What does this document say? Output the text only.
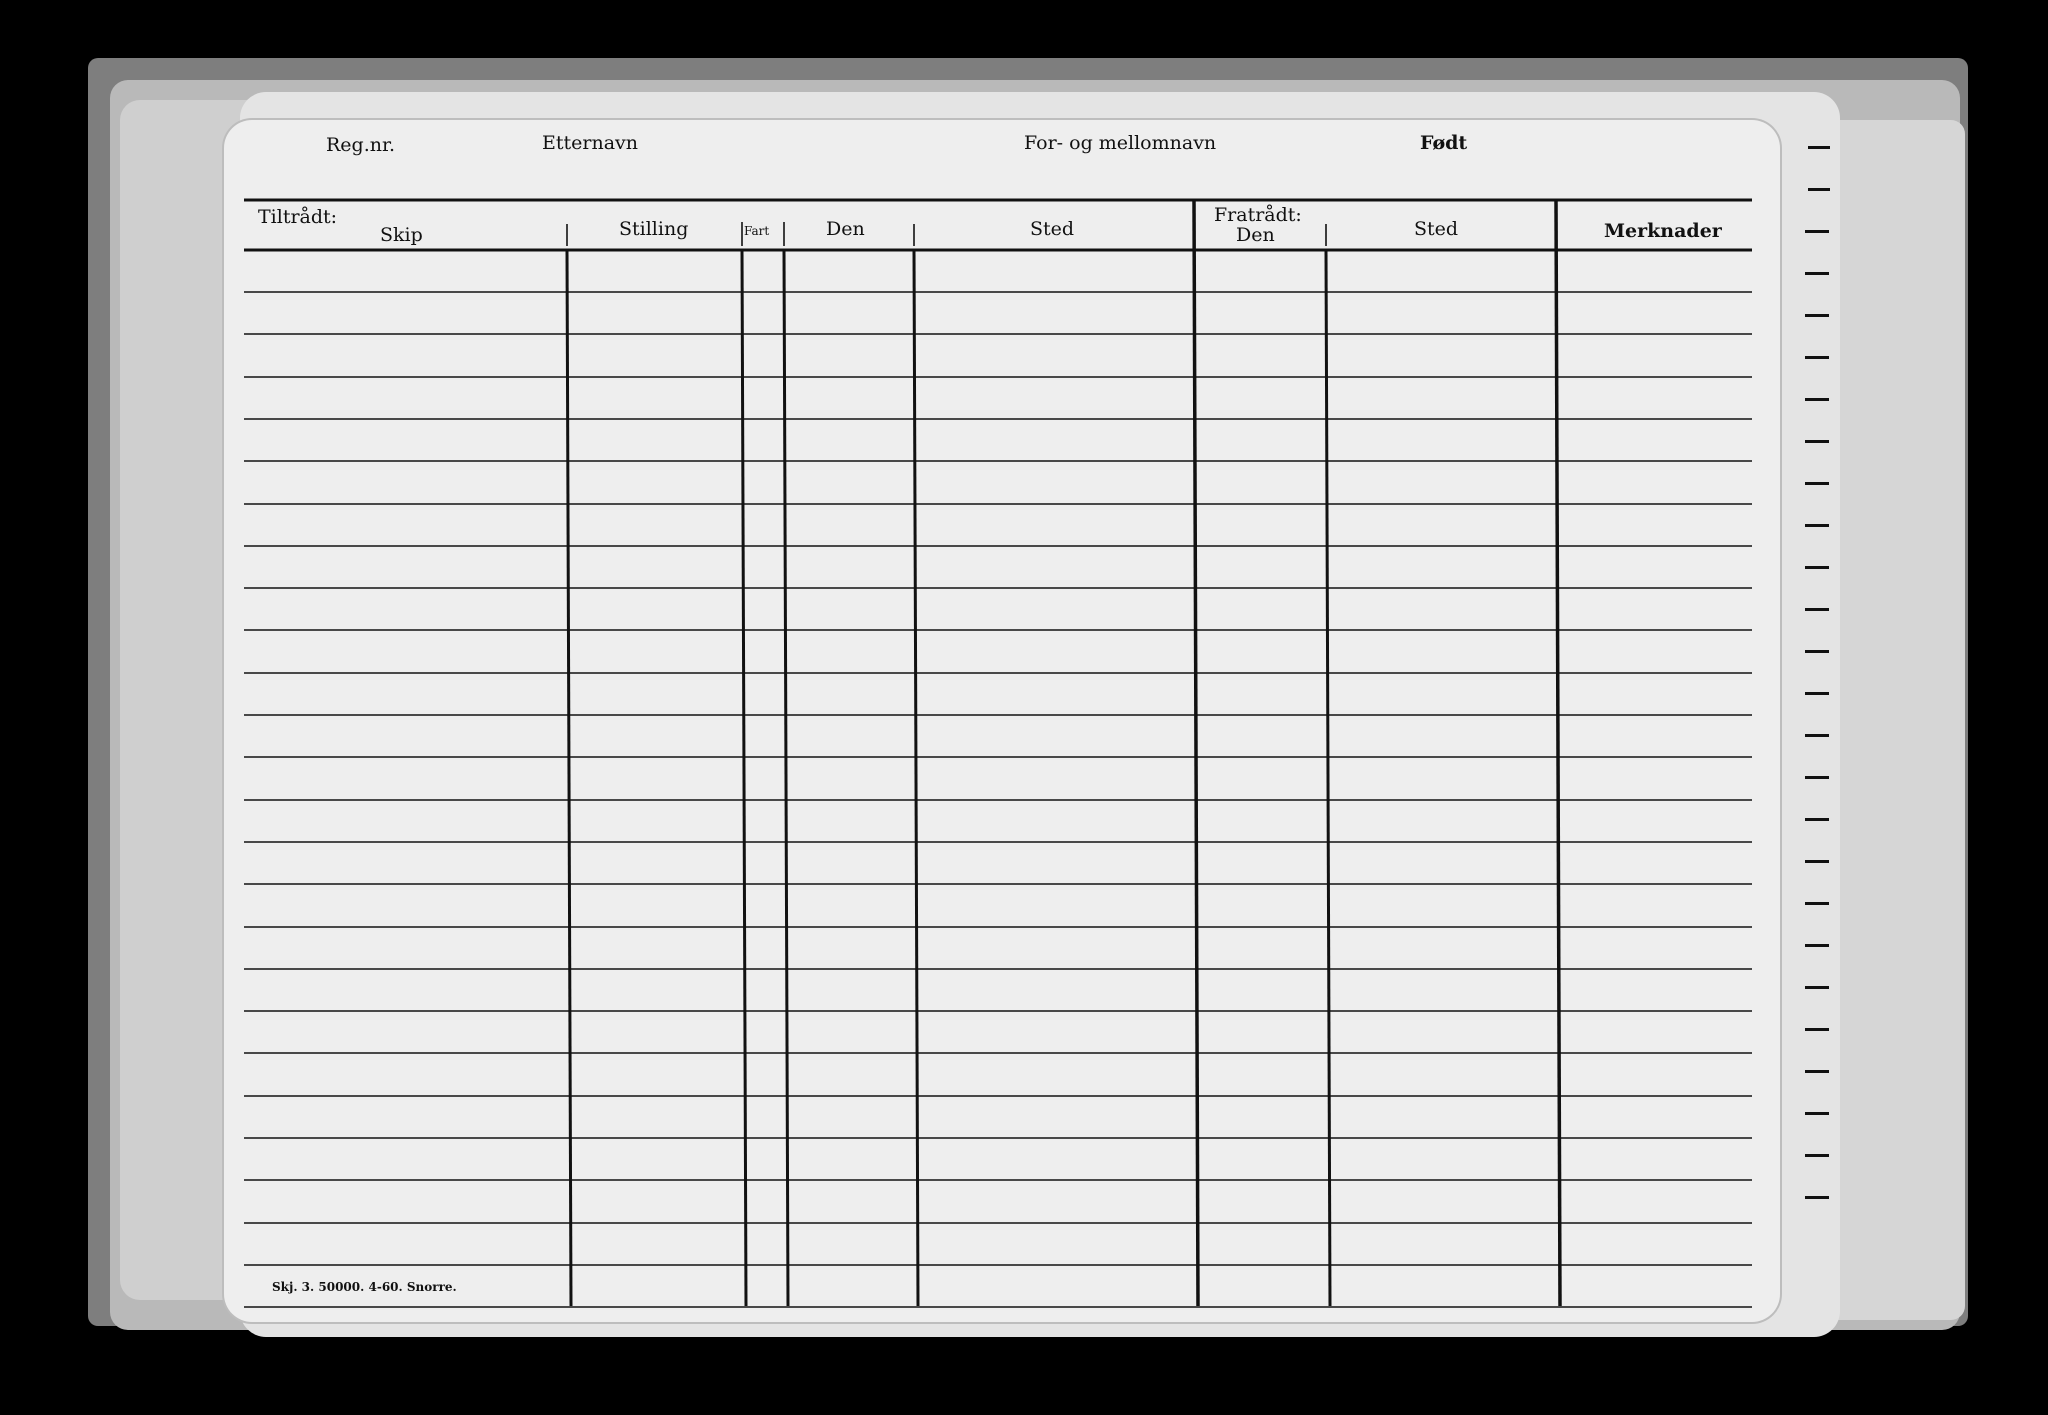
Reg.nr.	Etternavn	For- og mellomnavn	Født
Tiltrådt:
Skip	Stilling	Fart	Den	Sted
Fratrådt:
Den	Sted	Merknader
Skj. 3. 50000. 4-60. Snorre.
